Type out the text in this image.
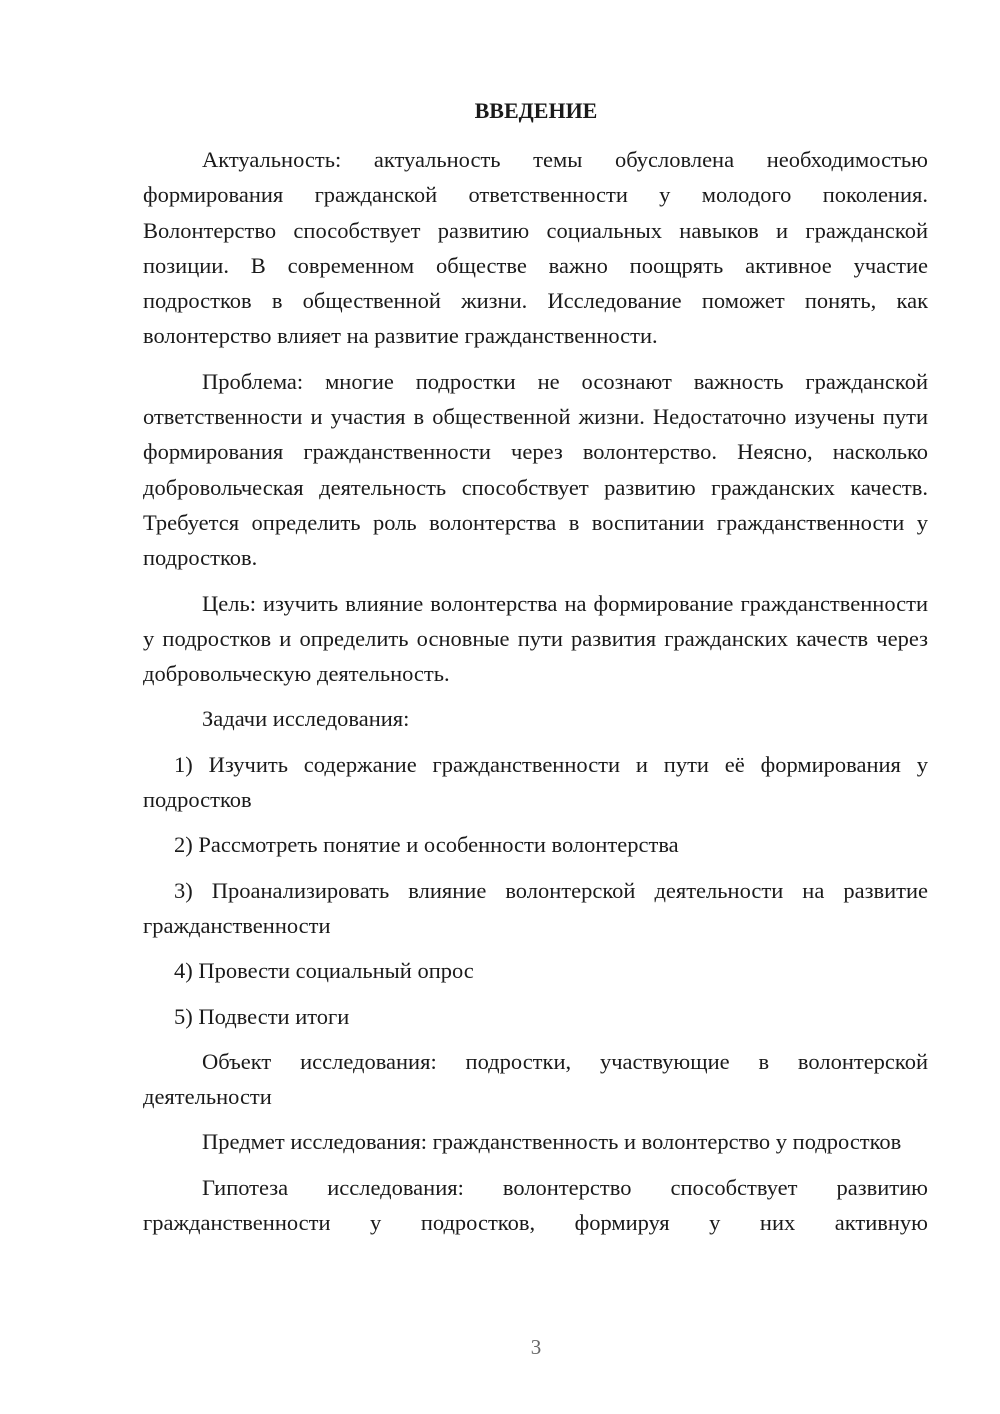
ВВЕДЕНИЕ

Актуальность: актуальность темы обусловлена необходимостью формирования гражданской ответственности у молодого поколения. Волонтерство способствует развитию социальных навыков и гражданской позиции. В современном обществе важно поощрять активное участие подростков в общественной жизни. Исследование поможет понять, как волонтерство влияет на развитие гражданственности.

Проблема: многие подростки не осознают важность гражданской ответственности и участия в общественной жизни. Недостаточно изучены пути формирования гражданственности через волонтерство. Неясно, насколько добровольческая деятельность способствует развитию гражданских качеств. Требуется определить роль волонтерства в воспитании гражданственности у подростков.

Цель: изучить влияние волонтерства на формирование гражданственности у подростков и определить основные пути развития гражданских качеств через добровольческую деятельность.

Задачи исследования:

1) Изучить содержание гражданственности и пути её формирования у подростков

2) Рассмотреть понятие и особенности волонтерства

3) Проанализировать влияние волонтерской деятельности на развитие гражданственности

4) Провести социальный опрос

5) Подвести итоги

Объект исследования: подростки, участвующие в волонтерской деятельности

Предмет исследования: гражданственность и волонтерство у подростков

Гипотеза исследования: волонтерство способствует развитию гражданственности у подростков, формируя у них активную

3
